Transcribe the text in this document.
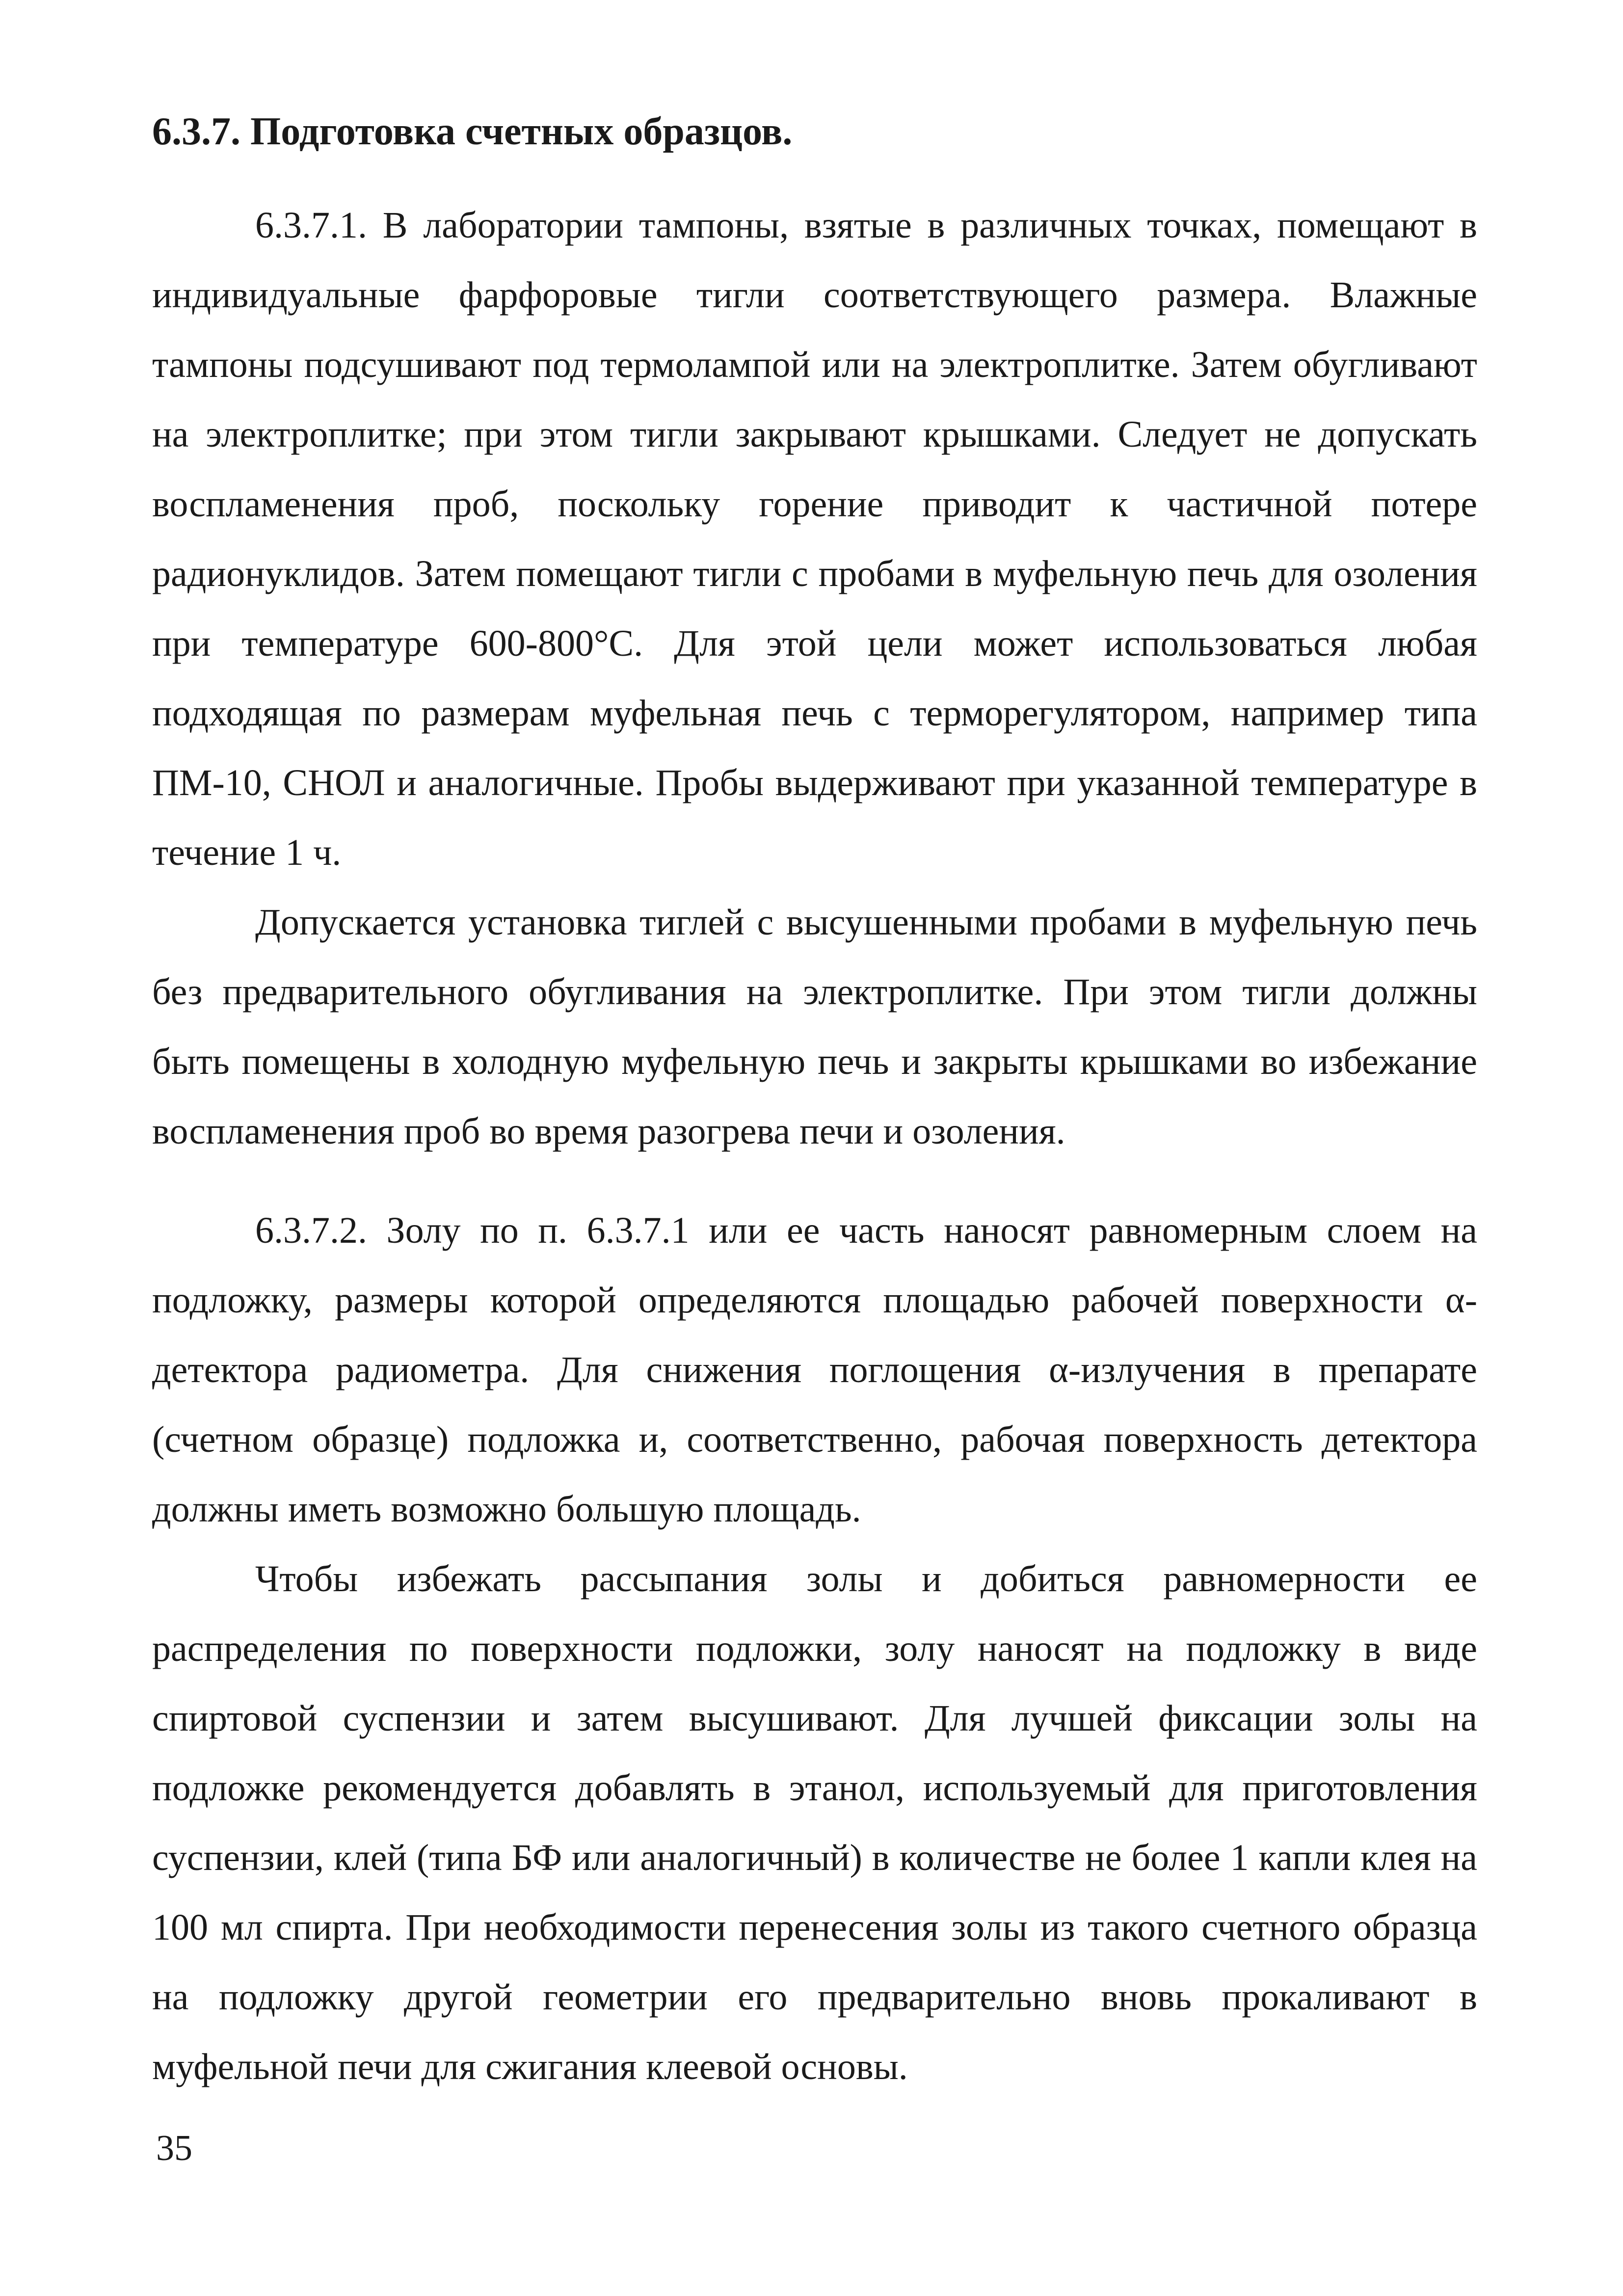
6.3.7. Подготовка счетных образцов.

6.3.7.1. В лаборатории тампоны, взятые в различных точках, помещают в индивидуальные фарфоровые тигли соответствующего размера. Влажные тампоны подсушивают под термолампой или на электроплитке. Затем обугливают на электроплитке; при этом тигли закрывают крышками. Следует не допускать воспламенения проб, поскольку горение приводит к частичной потере радионуклидов. Затем помещают тигли с пробами в муфельную печь для озоления при температуре 600-800°С. Для этой цели может использоваться любая подходящая по размерам муфельная печь с терморегулятором, например типа ПМ-10, СНОЛ и аналогичные. Пробы выдерживают при указанной температуре в течение 1 ч.

Допускается установка тиглей с высушенными пробами в муфельную печь без предварительного обугливания на электроплитке. При этом тигли должны быть помещены в холодную муфельную печь и закрыты крышками во избежание воспламенения проб во время разогрева печи и озоления.

6.3.7.2. Золу по п. 6.3.7.1 или ее часть наносят равномерным слоем на подложку, размеры которой определяются площадью рабочей поверхности α-детектора радиометра. Для снижения поглощения α-излучения в препарате (счетном образце) подложка и, соответственно, рабочая поверхность детектора должны иметь возможно большую площадь.

Чтобы избежать рассыпания золы и добиться равномерности ее распределения по поверхности подложки, золу наносят на подложку в виде спиртовой суспензии и затем высушивают. Для лучшей фиксации золы на подложке рекомендуется добавлять в этанол, используемый для приготовления суспензии, клей (типа БФ или аналогичный) в количестве не более 1 капли клея на 100 мл спирта. При необходимости перенесения золы из такого счетного образца на подложку другой геометрии его предварительно вновь прокаливают в муфельной печи для сжигания клеевой основы.

35
